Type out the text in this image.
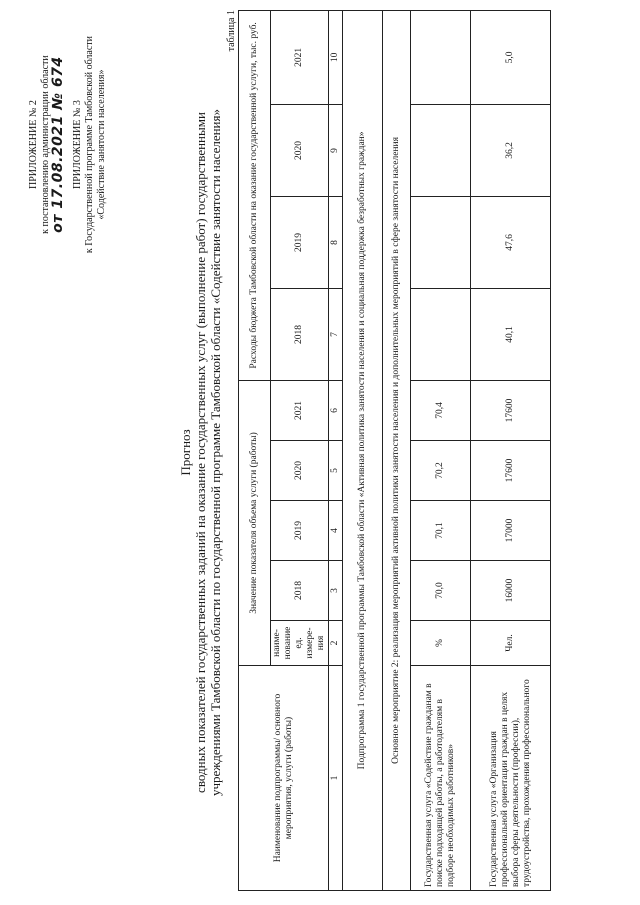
ПРИЛОЖЕНИЕ № 2 к постановлению администрации области от 17.08.2021 № 674 ПРИЛОЖЕНИЕ № 3 к Государственной программе Тамбовской области «Содействие занятости населения»
Прогноз сводных показателей государственных заданий на оказание государственных услуг (выполнение работ) государственными учреждениями Тамбовской области по государственной программе Тамбовской области «Содействие занятости населения»
таблица 1
Наименование подпрограммы/ основного мероприятия, услуги (работы)	Значение показателя объема услуги (работы)					Расходы бюджета Тамбовской области на оказание государственной услуги, тыс. руб.			
	наиме-нование ед. измере-ния	2018	2019	2020	2021	2018	2019	2020	2021
1	2	3	4	5	6	7	8	9	10
Подпрограмма 1 государственной программы Тамбовской области «Активная политика занятости населения и социальная поддержка безработных граждан»									
Основное мероприятие 2: реализация мероприятий активной политики занятости населения и дополнительных мероприятий в сфере занятости населения									
Государственная услуга «Содействие гражданам в поиске подходящей работы, а работодателям в подборе необходимых работников»	%	70,0	70,1	70,2	70,4				
Государственная услуга «Организация профессиональной ориентации граждан в целях выбора сферы деятельности (профессии), трудоустройства, прохождения профессионального	Чел.	16000	17000	17600	17600	40,1	47,6	36,2	5,0
